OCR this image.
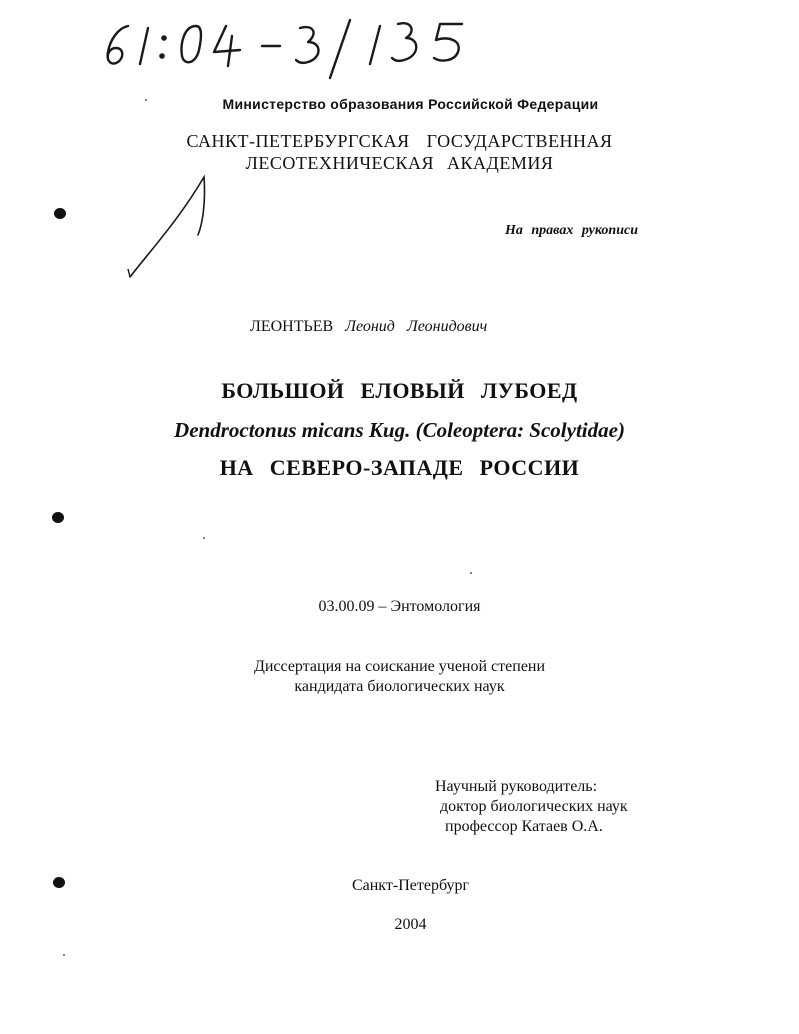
Министерство образования Российской Федерации
САНКТ-ПЕТЕРБУРГСКАЯ ГОСУДАРСТВЕННАЯ
ЛЕСОТЕХНИЧЕСКАЯ АКАДЕМИЯ
На правах рукописи
ЛЕОНТЬЕВ Леонид Леонидович
БОЛЬШОЙ ЕЛОВЫЙ ЛУБОЕД
Dendroctonus micans Kug. (Coleoptera: Scolytidae)
НА СЕВЕРО-ЗАПАДЕ РОССИИ
03.00.09 – Энтомология
Диссертация на соискание ученой степени
кандидата биологических наук
Научный руководитель:
доктор биологических наук
профессор Катаев О.А.
Санкт-Петербург
2004
